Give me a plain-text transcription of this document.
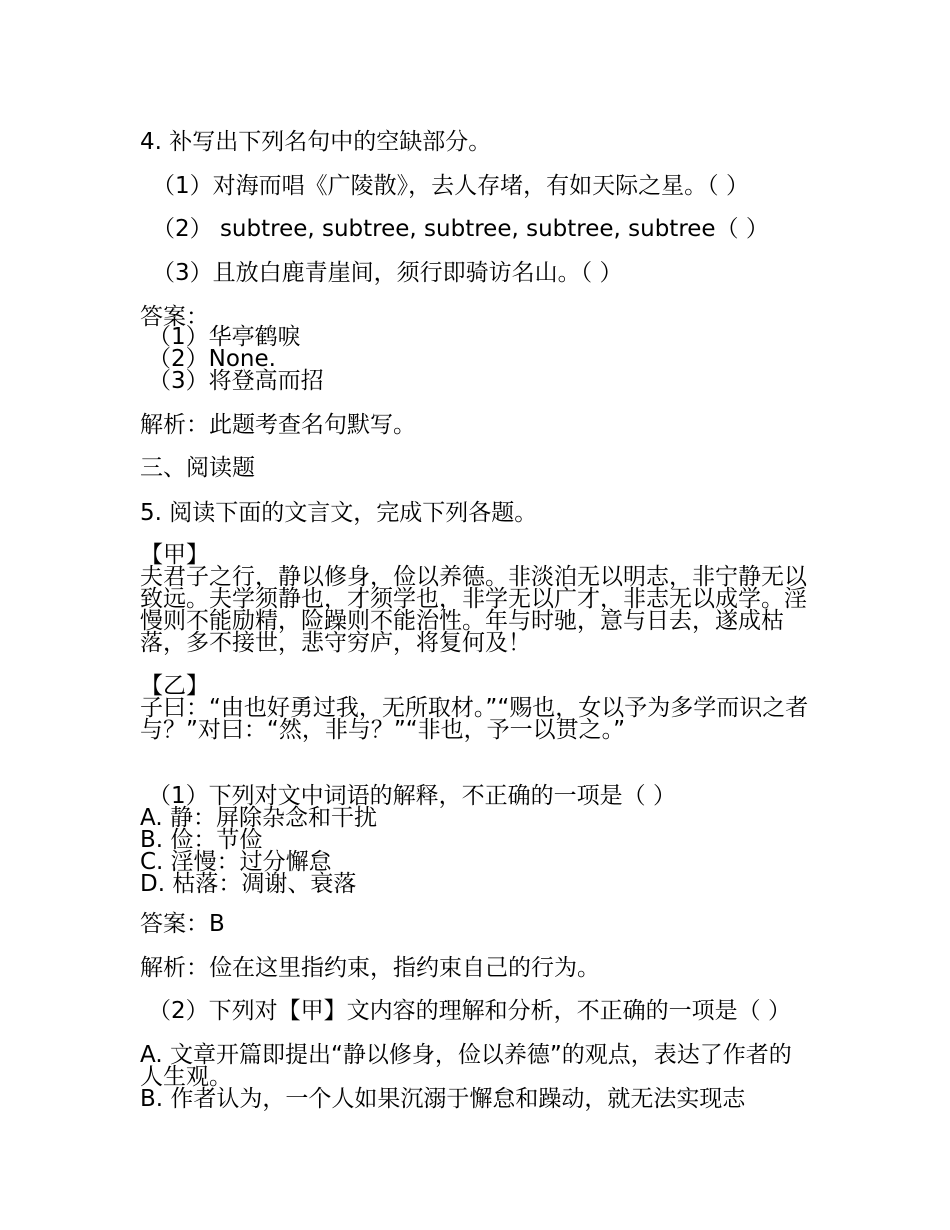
4. 补写出下列名句中的空缺部分。
（1）对海而唱《广陵散》，去人存堵，有如天际之星。（ ）
（2） subtree, subtree, subtree, subtree, subtree（ ）
（3）且放白鹿青崖间，须行即骑访名山。（ ）
答案：
（1）华亭鹤唳
（2）None.
（3）将登高而招
解析：此题考查名句默写。
三、阅读题
5. 阅读下面的文言文，完成下列各题。
【甲】
夫君子之行，静以修身，俭以养德。非淡泊无以明志，非宁静无以致远。夫学须静也，才须学也，非学无以广才，非志无以成学。淫慢则不能励精，险躁则不能治性。年与时驰，意与日去，遂成枯落，多不接世，悲守穷庐，将复何及！
【乙】
子曰：“由也好勇过我，无所取材。”“赐也，女以予为多学而识之者与？”对曰：“然，非与？”“非也，予一以贯之。”
（1）下列对文中词语的解释，不正确的一项是（ ）
A. 静：屏除杂念和干扰
B. 俭：节俭
C. 淫慢：过分懈怠
D. 枯落：凋谢、衰落
答案：B
解析：俭在这里指约束，指约束自己的行为。
（2）下列对【甲】文内容的理解和分析，不正确的一项是（ ）
A. 文章开篇即提出“静以修身，俭以养德”的观点，表达了作者的人生观。
B. 作者认为，一个人如果沉溺于懈怠和躁动，就无法实现志
